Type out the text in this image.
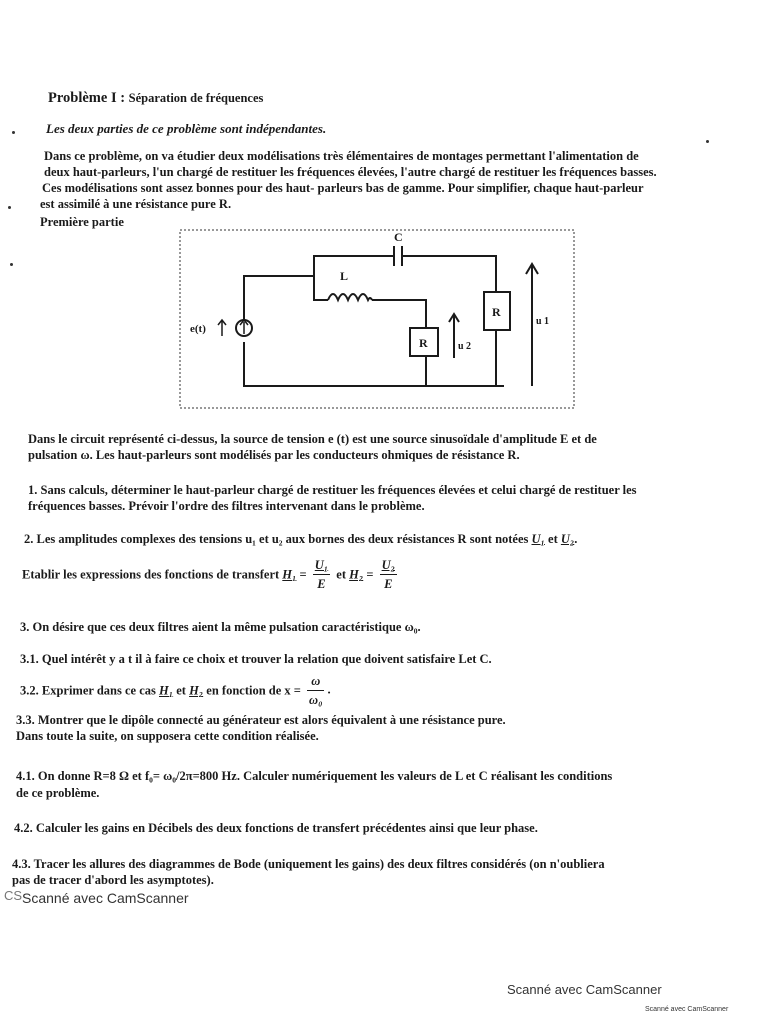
Problème I : Séparation de fréquences
Les deux parties de ce problème sont indépendantes.
Dans ce problème, on va étudier deux modélisations très élémentaires de montages permettant l'alimentation de
deux haut-parleurs, l'un chargé de restituer les fréquences élevées, l'autre chargé de restituer les fréquences basses.
Ces modélisations sont assez bonnes pour des haut- parleurs bas de gamme. Pour simplifier, chaque haut-parleur
est assimilé à une résistance pure R.
Première partie
C
L
e(t)
R
R
u 1
u 2
Dans le circuit représenté ci-dessus, la source de tension e (t) est une source sinusoïdale d'amplitude E et de
pulsation ω. Les haut-parleurs sont modélisés par les conducteurs ohmiques de résistance R.
1. Sans calculs, déterminer le haut-parleur chargé de restituer les fréquences élevées et celui chargé de restituer les
fréquences basses. Prévoir l'ordre des filtres intervenant dans le problème.
2. Les amplitudes complexes des tensions u₁ et u₂ aux bornes des deux résistances R sont notées U₁ et U₂.
Etablir les expressions des fonctions de transfert $H_1 = \frac{\text{U₁}}{E}$ et $H_2 = \frac{\text{U₂}}{E}$
3. On désire que ces deux filtres aient la même pulsation caractéristique ω₀.
3.1. Quel intérêt y a t il à faire ce choix et trouver la relation que doivent satisfaire Let C.
3.2. Exprimer dans ce cas H₁ et H₂ en fonction de $x = \frac{\omega}{\text{ω₀}}$ .
3.3. Montrer que le dipôle connecté au générateur est alors équivalent à une résistance pure.
Dans toute la suite, on supposera cette condition réalisée.
4.1. On donne R=8 Ω et f₀= ω₀/2π=800 Hz. Calculer numériquement les valeurs de L et C réalisant les conditions
de ce problème.
4.2. Calculer les gains en Décibels des deux fonctions de transfert précédentes ainsi que leur phase.
4.3. Tracer les allures des diagrammes de Bode (uniquement les gains) des deux filtres considérés (on n'oubliera
pas de tracer d'abord les asymptotes).
CS Scanné avec CamScanner
Scanné avec CamScanner
Scanné avec CamScanner
